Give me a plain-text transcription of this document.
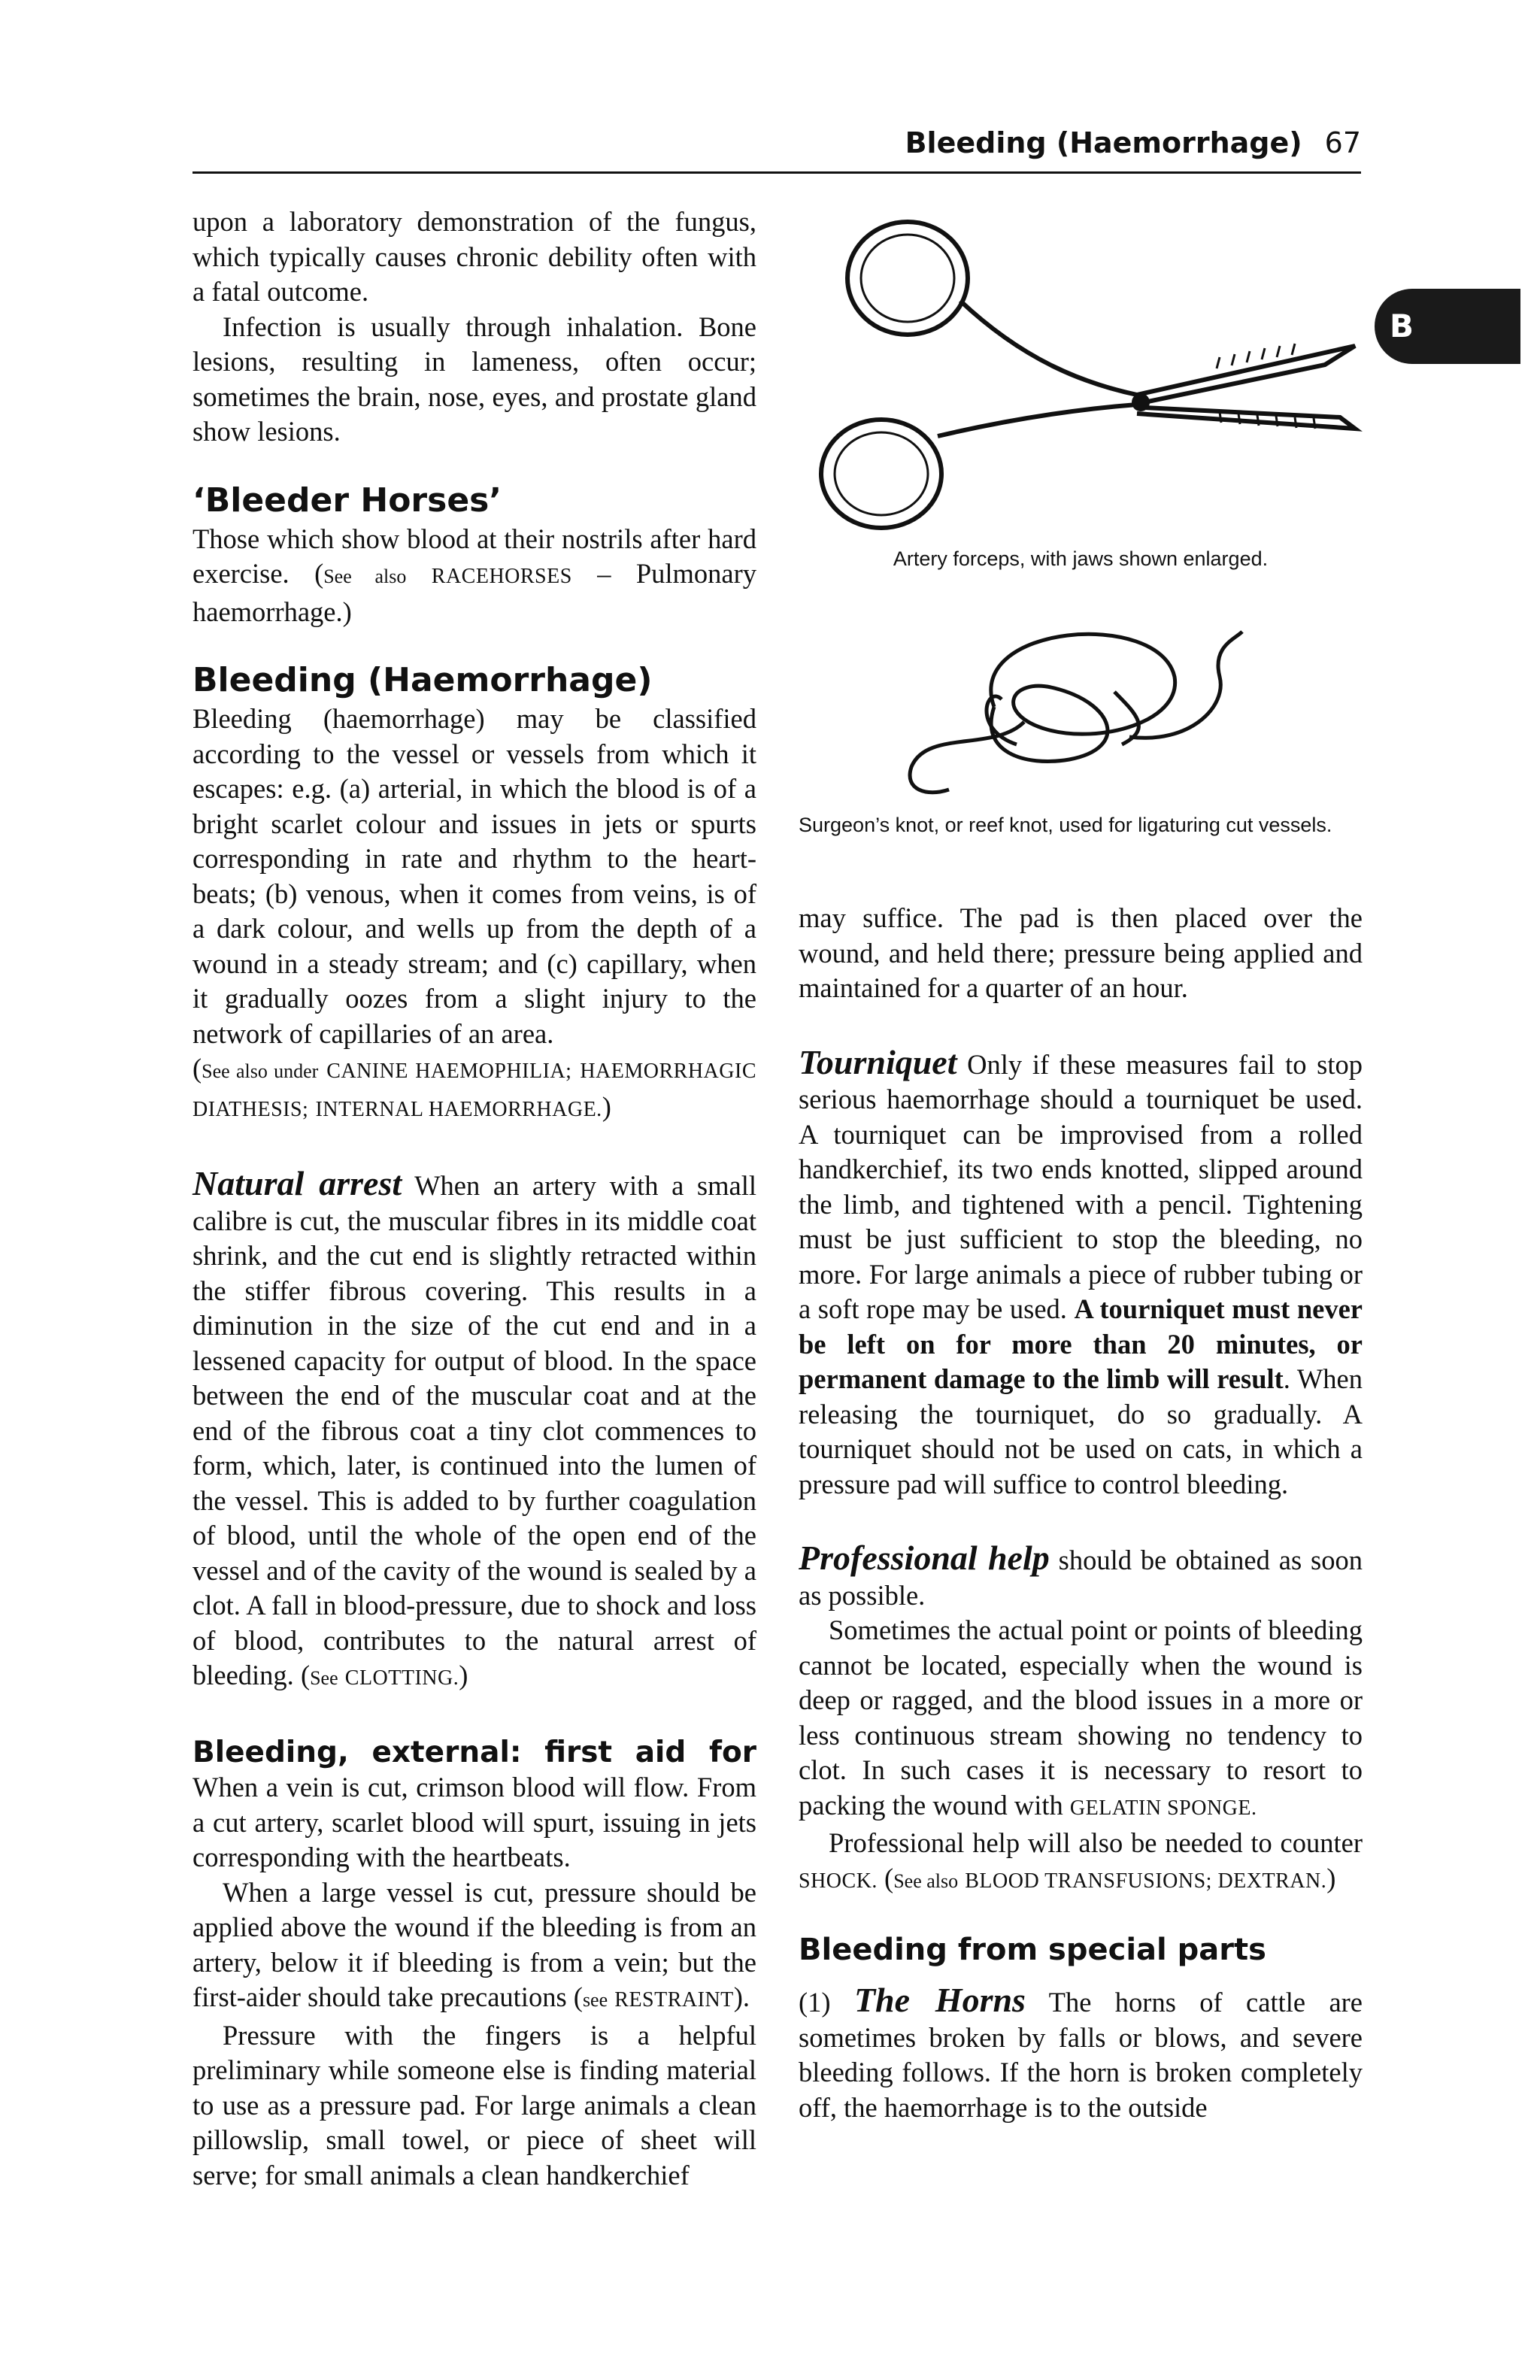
Bleeding (Haemorrhage) 67
B

upon a laboratory demonstration of the fungus, which typically causes chronic debility often with a fatal outcome.

Infection is usually through inhalation. Bone lesions, resulting in lameness, often occur; sometimes the brain, nose, eyes, and prostate gland show lesions.

‘Bleeder Horses’

Those which show blood at their nostrils after hard exercise. (See also RACEHORSES – Pulmonary haemorrhage.)

Bleeding (Haemorrhage)

Bleeding (haemorrhage) may be classified according to the vessel or vessels from which it escapes: e.g. (a) arterial, in which the blood is of a bright scarlet colour and issues in jets or spurts corresponding in rate and rhythm to the heart-beats; (b) venous, when it comes from veins, is of a dark colour, and wells up from the depth of a wound in a steady stream; and (c) capillary, when it gradually oozes from a slight injury to the network of capillaries of an area.

(See also under CANINE HAEMOPHILIA; HAEMORRHAGIC DIATHESIS; INTERNAL HAEMORRHAGE.)

Natural arrest When an artery with a small calibre is cut, the muscular fibres in its middle coat shrink, and the cut end is slightly retracted within the stiffer fibrous covering. This results in a diminution in the size of the cut end and in a lessened capacity for output of blood. In the space between the end of the muscular coat and at the end of the fibrous coat a tiny clot commences to form, which, later, is continued into the lumen of the vessel. This is added to by further coagulation of blood, until the whole of the open end of the vessel and of the cavity of the wound is sealed by a clot. A fall in blood-pressure, due to shock and loss of blood, contributes to the natural arrest of bleeding. (See CLOTTING.)

Bleeding, external: first aid for When a vein is cut, crimson blood will flow. From a cut artery, scarlet blood will spurt, issuing in jets corresponding with the heartbeats.

When a large vessel is cut, pressure should be applied above the wound if the bleeding is from an artery, below it if bleeding is from a vein; but the first-aider should take precautions (see RESTRAINT).

Pressure with the fingers is a helpful preliminary while someone else is finding material to use as a pressure pad. For large animals a clean pillowslip, small towel, or piece of sheet will serve; for small animals a clean handkerchief

Artery forceps, with jaws shown enlarged.
Surgeon’s knot, or reef knot, used for ligaturing cut vessels.

may suffice. The pad is then placed over the wound, and held there; pressure being applied and maintained for a quarter of an hour.

Tourniquet Only if these measures fail to stop serious haemorrhage should a tourniquet be used. A tourniquet can be improvised from a rolled handkerchief, its two ends knotted, slipped around the limb, and tightened with a pencil. Tightening must be just sufficient to stop the bleeding, no more. For large animals a piece of rubber tubing or a soft rope may be used. A tourniquet must never be left on for more than 20 minutes, or permanent damage to the limb will result. When releasing the tourniquet, do so gradually. A tourniquet should not be used on cats, in which a pressure pad will suffice to control bleeding.

Professional help should be obtained as soon as possible.

Sometimes the actual point or points of bleeding cannot be located, especially when the wound is deep or ragged, and the blood issues in a more or less continuous stream showing no tendency to clot. In such cases it is necessary to resort to packing the wound with GELATIN SPONGE.

Professional help will also be needed to counter SHOCK. (See also BLOOD TRANSFUSIONS; DEXTRAN.)

Bleeding from special parts

(1) The Horns The horns of cattle are sometimes broken by falls or blows, and severe bleeding follows. If the horn is broken completely off, the haemorrhage is to the outside
